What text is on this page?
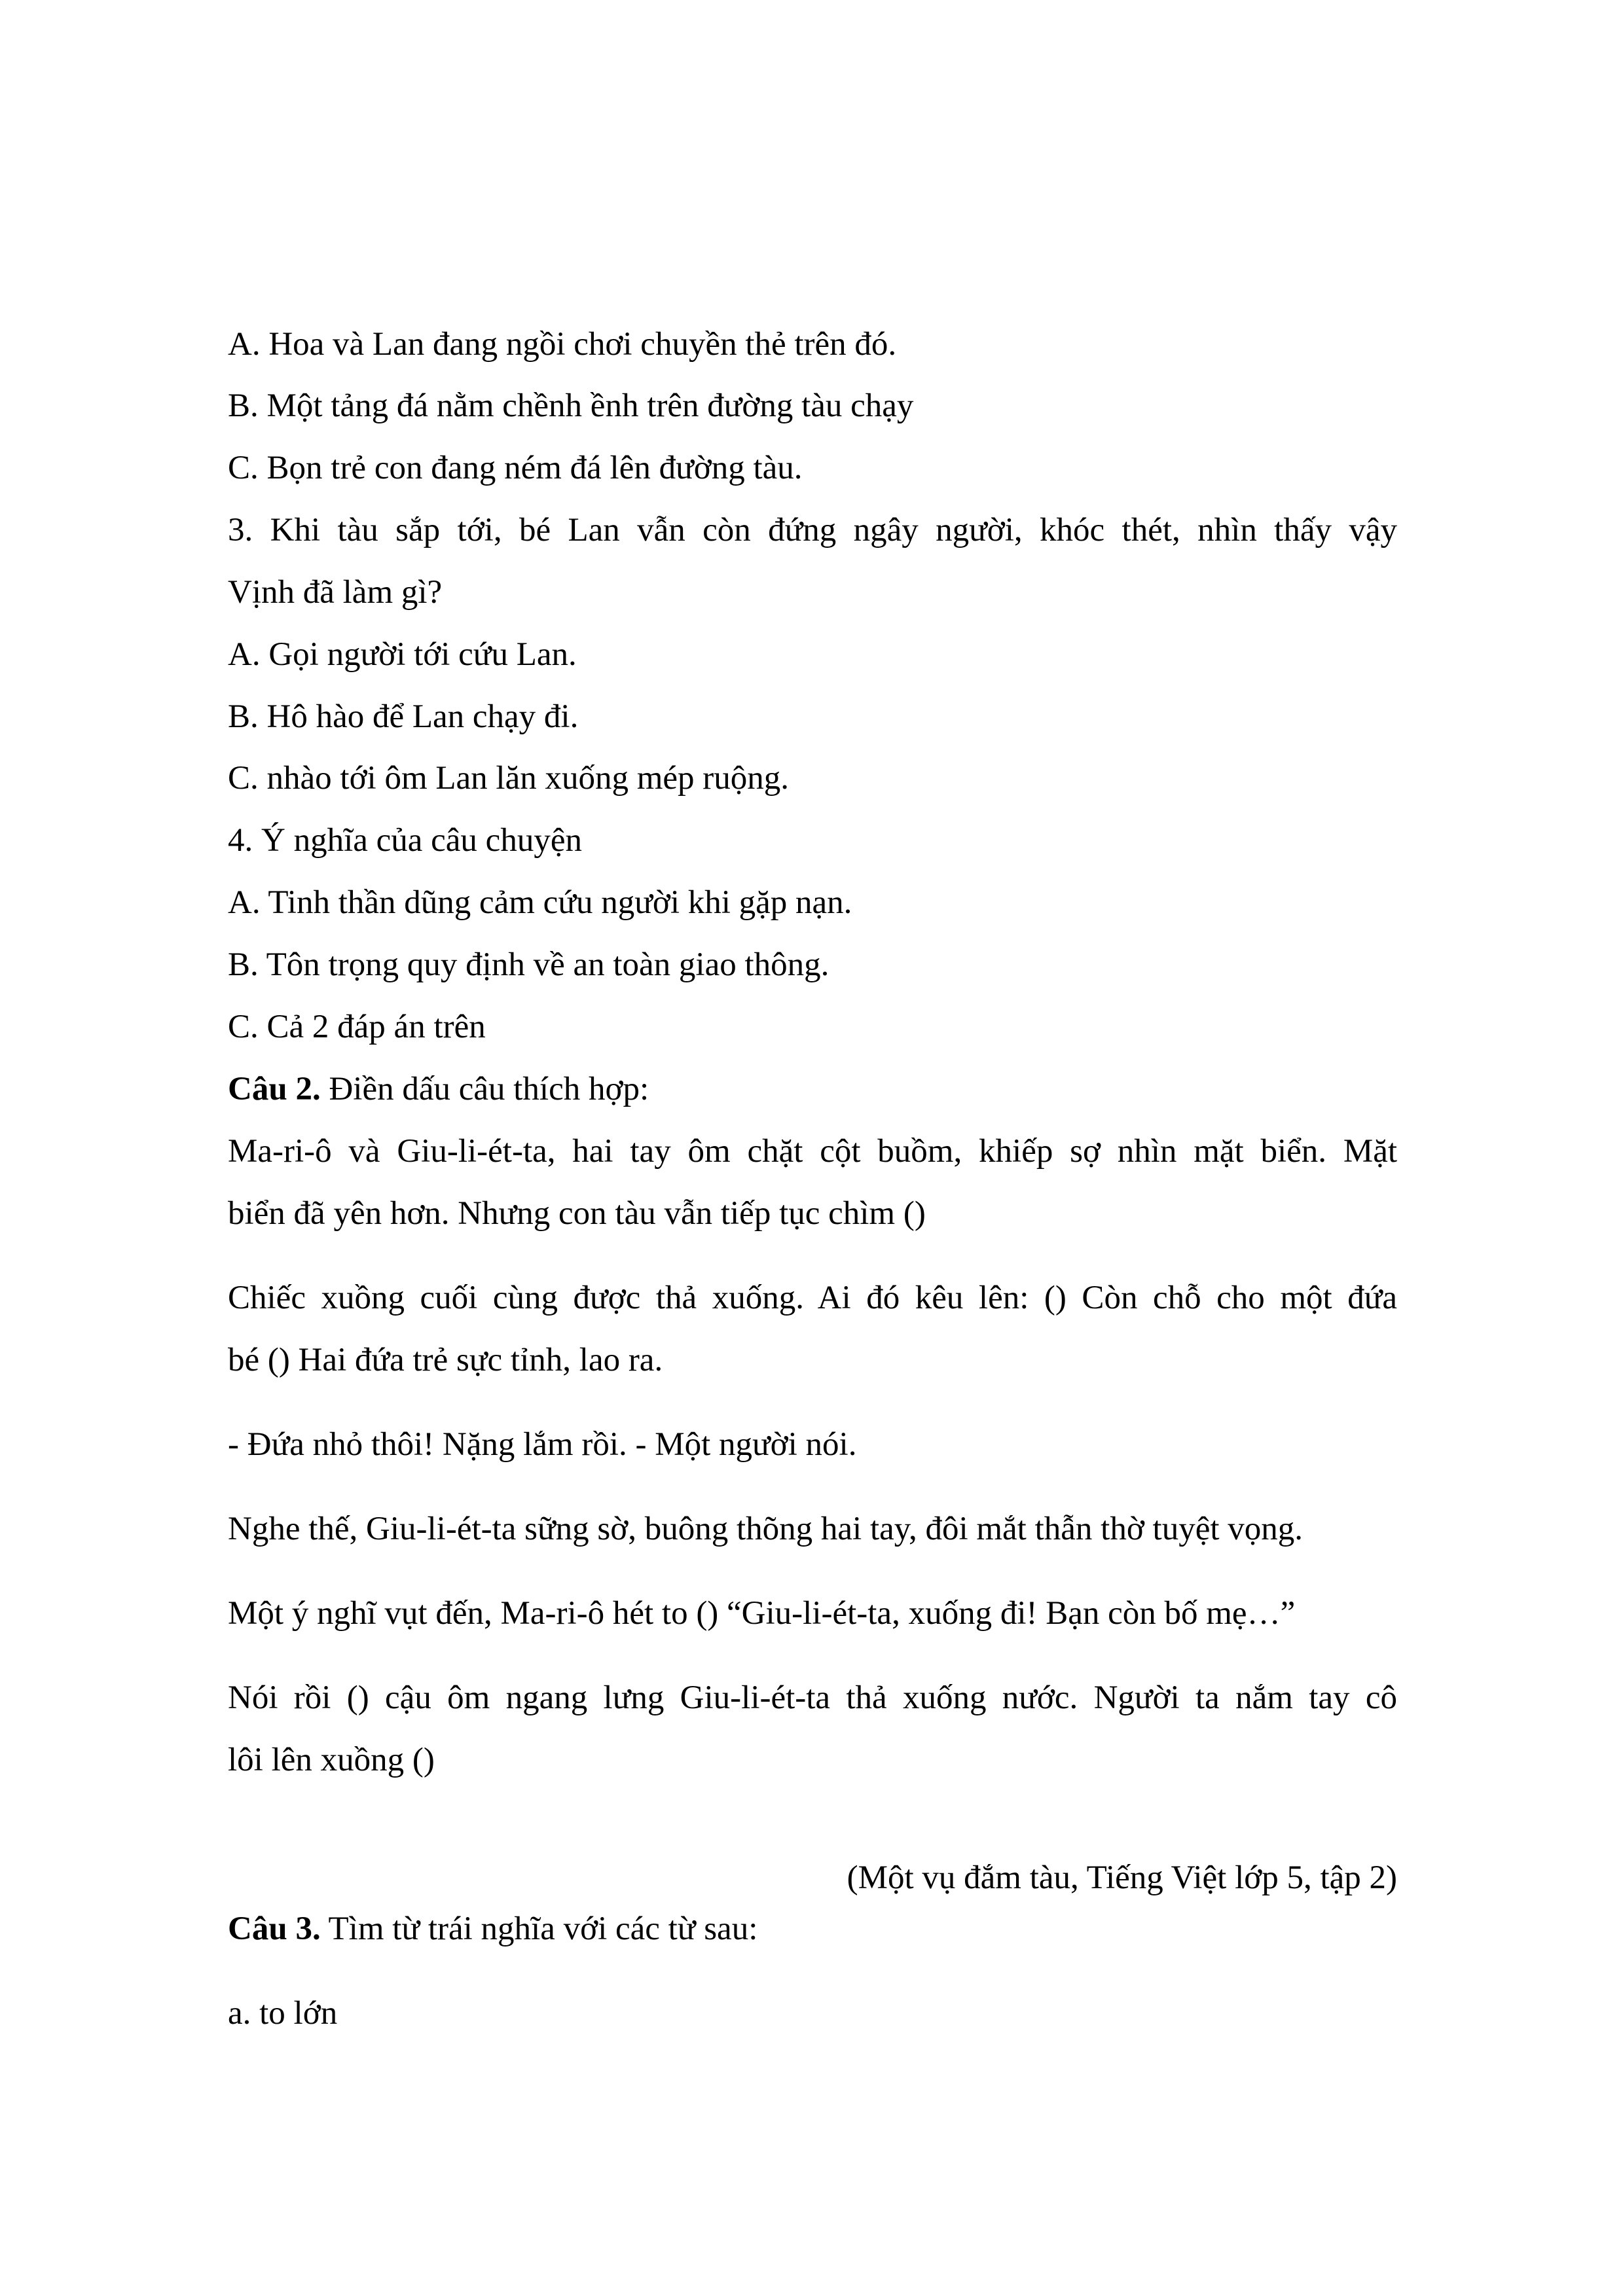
A. Hoa và Lan đang ngồi chơi chuyền thẻ trên đó.

B. Một tảng đá nằm chềnh ềnh trên đường tàu chạy

C. Bọn trẻ con đang ném đá lên đường tàu.

3. Khi tàu sắp tới, bé Lan vẫn còn đứng ngây người, khóc thét, nhìn thấy vậy

Vịnh đã làm gì?

A. Gọi người tới cứu Lan.

B. Hô hào để Lan chạy đi.

C. nhào tới ôm Lan lăn xuống mép ruộng.

4. Ý nghĩa của câu chuyện

A. Tinh thần dũng cảm cứu người khi gặp nạn.

B. Tôn trọng quy định về an toàn giao thông.

C. Cả 2 đáp án trên

Câu 2. Điền dấu câu thích hợp:

Ma-ri-ô và Giu-li-ét-ta, hai tay ôm chặt cột buồm, khiếp sợ nhìn mặt biển. Mặt

biển đã yên hơn. Nhưng con tàu vẫn tiếp tục chìm ()

Chiếc xuồng cuối cùng được thả xuống. Ai đó kêu lên: () Còn chỗ cho một đứa

bé () Hai đứa trẻ sực tỉnh, lao ra.

- Đứa nhỏ thôi! Nặng lắm rồi. - Một người nói.

Nghe thế, Giu-li-ét-ta sững sờ, buông thõng hai tay, đôi mắt thẫn thờ tuyệt vọng.

Một ý nghĩ vụt đến, Ma-ri-ô hét to () “Giu-li-ét-ta, xuống đi! Bạn còn bố mẹ…”

Nói rồi () cậu ôm ngang lưng Giu-li-ét-ta thả xuống nước. Người ta nắm tay cô

lôi lên xuồng ()

(Một vụ đắm tàu, Tiếng Việt lớp 5, tập 2)

Câu 3. Tìm từ trái nghĩa với các từ sau:

a. to lớn
